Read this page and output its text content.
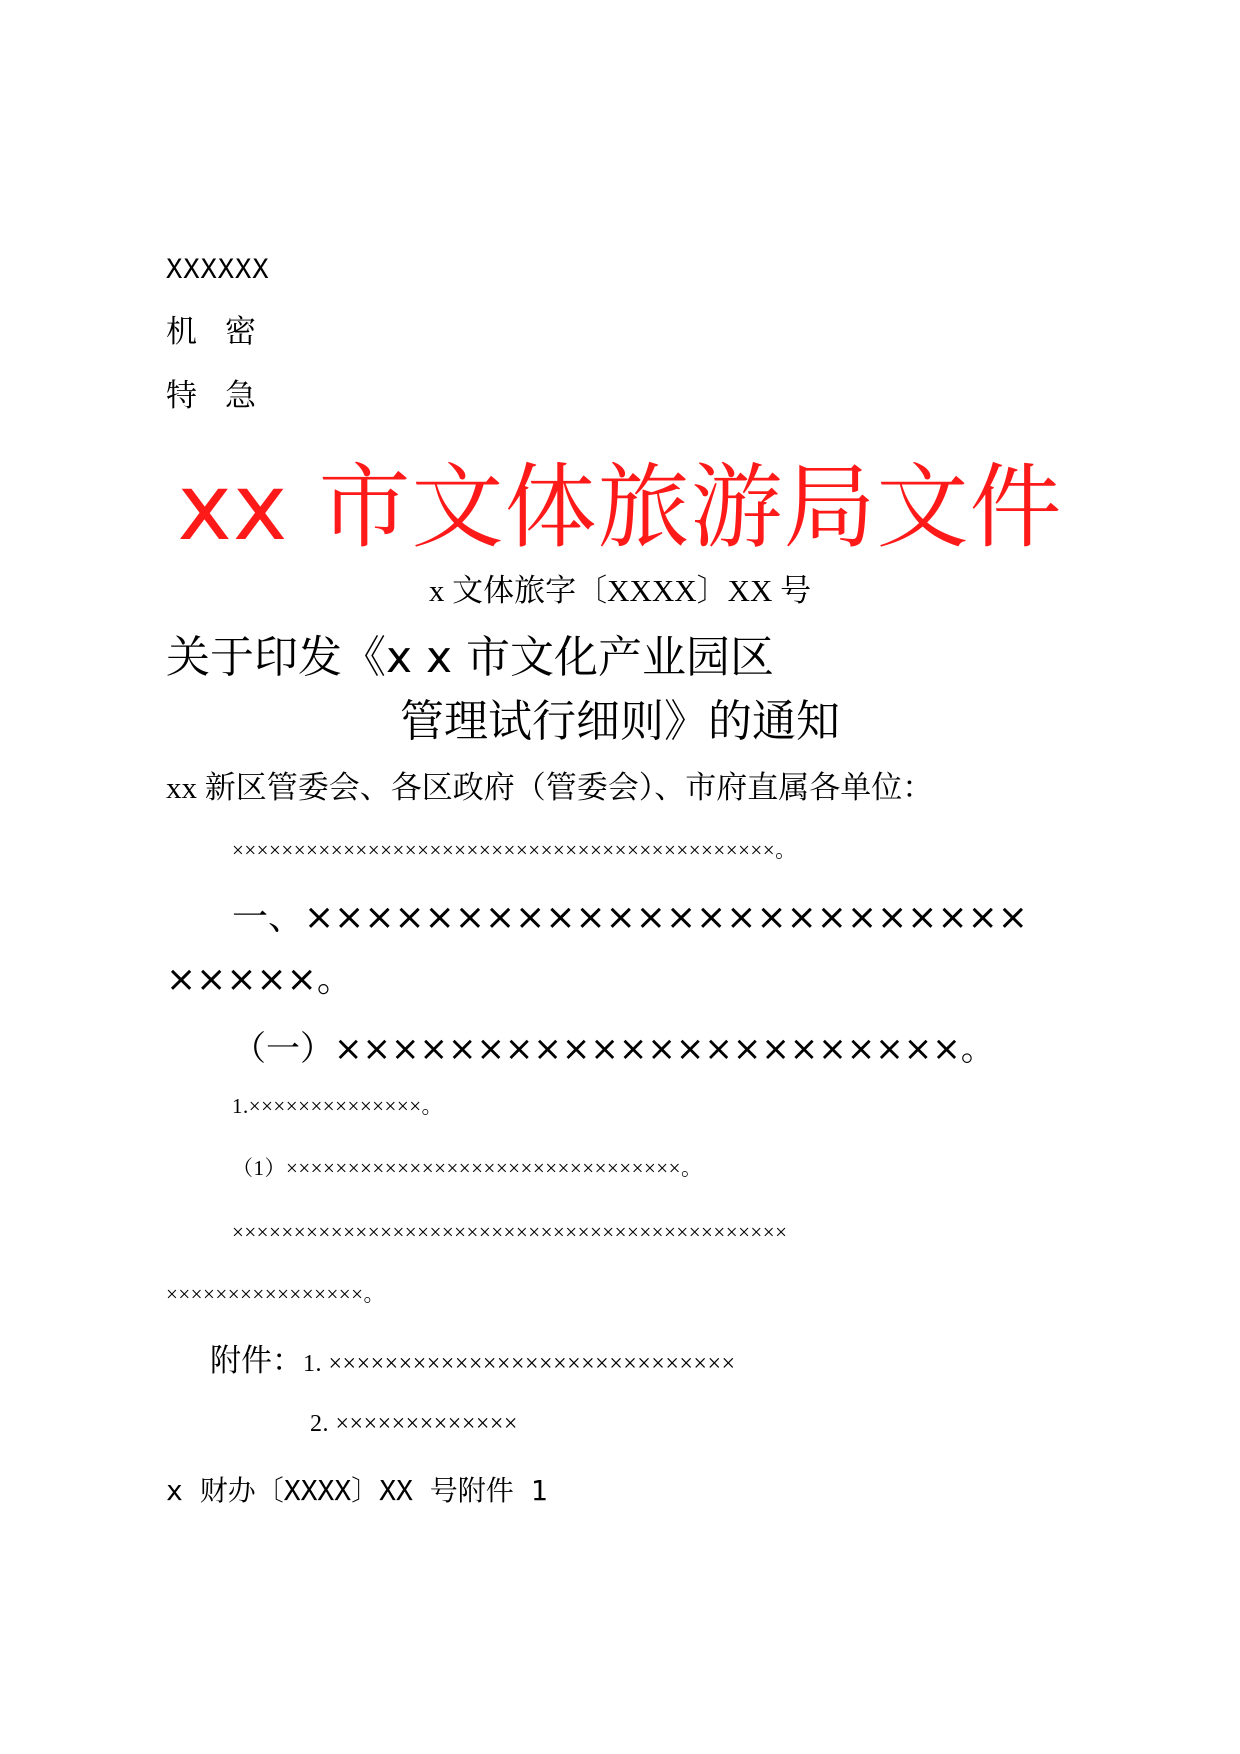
XXXXXX
机密
特急
xx 市文体旅游局文件
x 文体旅字〔XXXX〕XX 号
关于印发《x x 市文化产业园区
管理试行细则》的通知
xx 新区管委会、各区政府（管委会）、市府直属各单位：
××××××××××××××××××××××××××××××××××××××××××××。
一、××××××××××××××××××××××××
×××××。
（一）××××××××××××××××××××××。
1.××××××××××××××。
（1）××××××××××××××××××××××××××××××××。
×××××××××××××××××××××××××××××××××××××××××××××
××××××××××××××××。
附件：1. ×××××××××××××××××××××××××××××
2. ×××××××××××××
x 财办〔XXXX〕XX 号附件 1
